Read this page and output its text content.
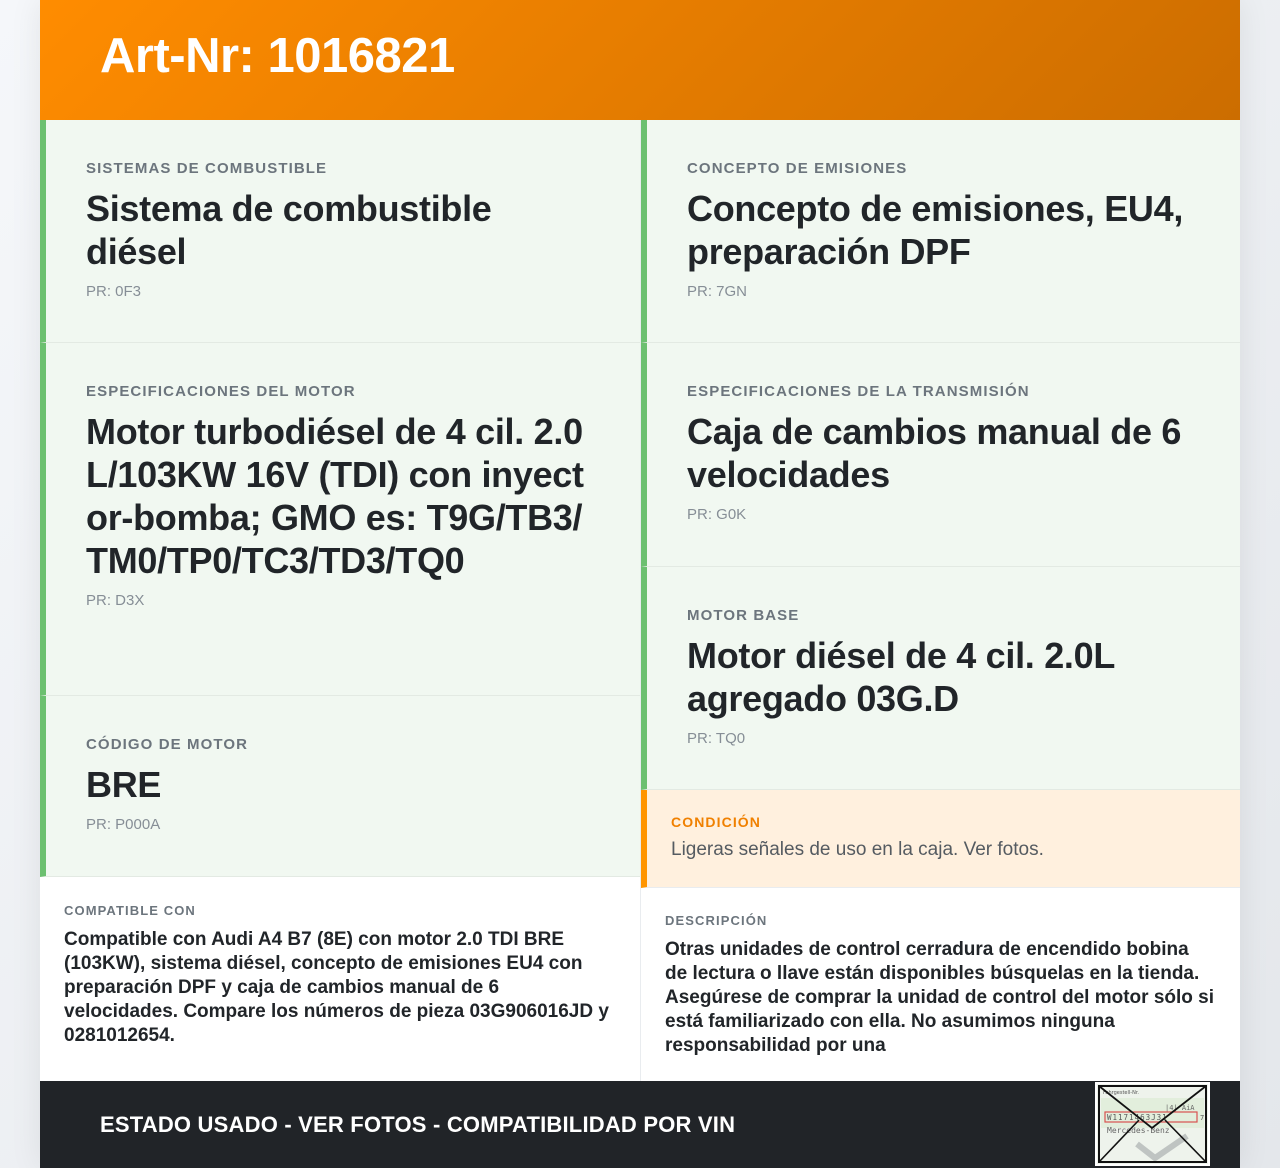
Art-Nr: 1016821
SISTEMAS DE COMBUSTIBLE
Sistema de combustible diésel
PR: 0F3
ESPECIFICACIONES DEL MOTOR
Motor turbodiésel de 4 cil. 2.0L/103KW 16V (TDI) con inyector-bomba; GMO es: T9G/TB3/TM0/TP0/TC3/TD3/TQ0
PR: D3X
CÓDIGO DE MOTOR
BRE
PR: P000A
COMPATIBLE CON
Compatible con Audi A4 B7 (8E) con motor 2.0 TDI BRE (103KW), sistema diésel, concepto de emisiones EU4 con preparación DPF y caja de cambios manual de 6 velocidades. Compare los números de pieza 03G906016JD y 0281012654.
CONCEPTO DE EMISIONES
Concepto de emisiones, EU4, preparación DPF
PR: 7GN
ESPECIFICACIONES DE LA TRANSMISIÓN
Caja de cambios manual de 6 velocidades
PR: G0K
MOTOR BASE
Motor diésel de 4 cil. 2.0L agregado 03G.D
PR: TQ0
CONDICIÓN
Ligeras señales de uso en la caja. Ver fotos.
DESCRIPCIÓN
Otras unidades de control cerradura de encendido bobina de lectura o llave están disponibles búsquelas en la tienda. Asegúrese de comprar la unidad de control del motor sólo si está familiarizado con ella. No asumimos ninguna responsabilidad por una
ESTADO USADO - VER FOTOS - COMPATIBILIDAD POR VIN
Fahrgestell-Nr.
|4| AiA
W1171463J31	7
Mercedes-Benz
